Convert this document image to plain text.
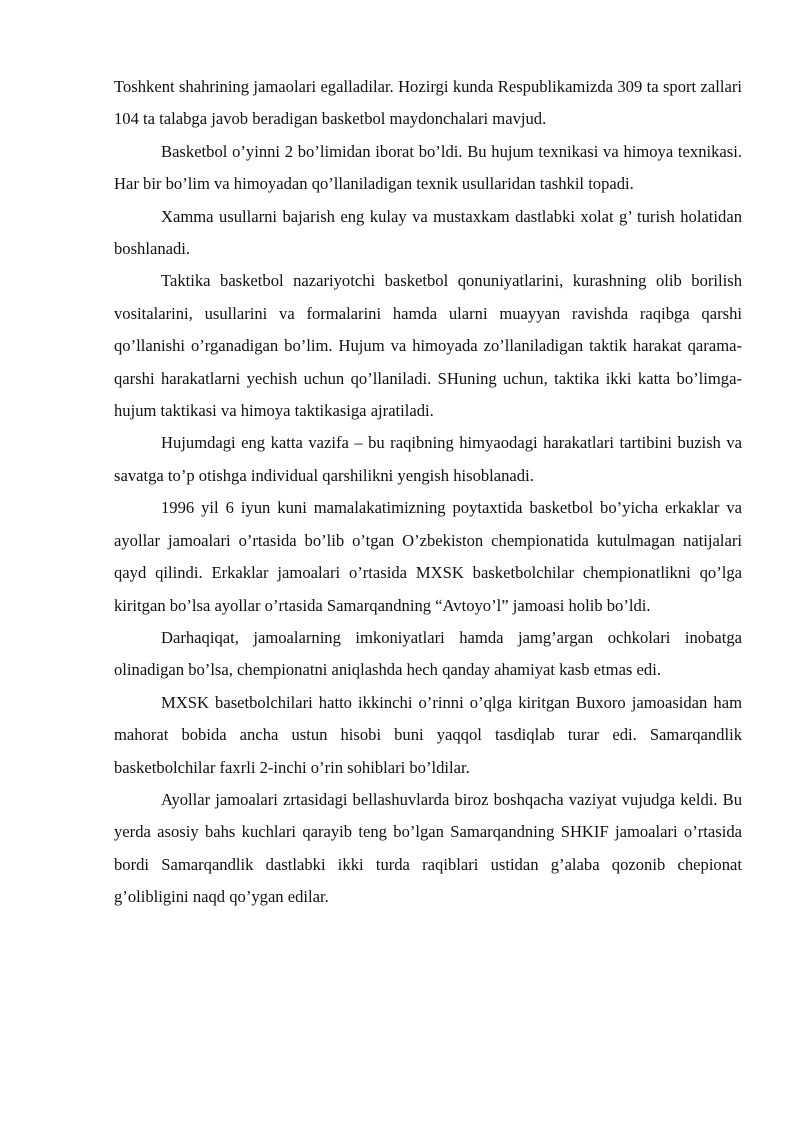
Toshkent shahrining jamaolari egalladilar. Hozirgi kunda Respublikamizda 309 ta sport zallari 104 ta talabga javob beradigan basketbol maydonchalari mavjud.

Basketbol o’yinni 2 bo’limidan iborat bo’ldi. Bu hujum texnikasi va himoya texnikasi. Har bir bo’lim va himoyadan qo’llaniladigan texnik usullaridan tashkil topadi.

Xamma usullarni bajarish eng kulay va mustaxkam dastlabki xolat g’ turish holatidan boshlanadi.

Taktika basketbol nazariyotchi basketbol qonuniyatlarini, kurashning olib borilish vositalarini, usullarini va formalarini hamda ularni muayyan ravishda raqibga qarshi qo’llanishi o’rganadigan bo’lim. Hujum va himoyada zo’llaniladigan taktik harakat qarama-qarshi harakatlarni yechish uchun qo’llaniladi. SHuning uchun, taktika ikki katta bo’limga-hujum taktikasi va himoya taktikasiga ajratiladi.

Hujumdagi eng katta vazifa – bu raqibning himyaodagi harakatlari tartibini buzish va savatga to’p otishga individual qarshilikni yengish hisoblanadi.

1996 yil 6 iyun kuni mamalakatimizning poytaxtida basketbol bo’yicha erkaklar va ayollar jamoalari o’rtasida bo’lib o’tgan O’zbekiston chempionatida kutulmagan natijalari qayd qilindi. Erkaklar jamoalari o’rtasida MXSK basketbolchilar chempionatlikni qo’lga kiritgan bo’lsa ayollar o’rtasida Samarqandning “Avtoyo’l” jamoasi holib bo’ldi.

Darhaqiqat, jamoalarning imkoniyatlari hamda jamg’argan ochkolari inobatga olinadigan bo’lsa, chempionatni aniqlashda hech qanday ahamiyat kasb etmas edi.

MXSK basetbolchilari hatto ikkinchi o’rinni o’qlga kiritgan Buxoro jamoasidan ham mahorat bobida ancha ustun hisobi buni yaqqol tasdiqlab turar edi. Samarqandlik basketbolchilar faxrli 2-inchi o’rin sohiblari bo’ldilar.

Ayollar jamoalari zrtasidagi bellashuvlarda biroz boshqacha vaziyat vujudga keldi. Bu yerda asosiy bahs kuchlari qarayib teng bo’lgan Samarqandning SHKIF jamoalari o’rtasida bordi Samarqandlik dastlabki ikki turda raqiblari ustidan g’alaba qozonib chepionat g’olibligini naqd qo’ygan edilar.
